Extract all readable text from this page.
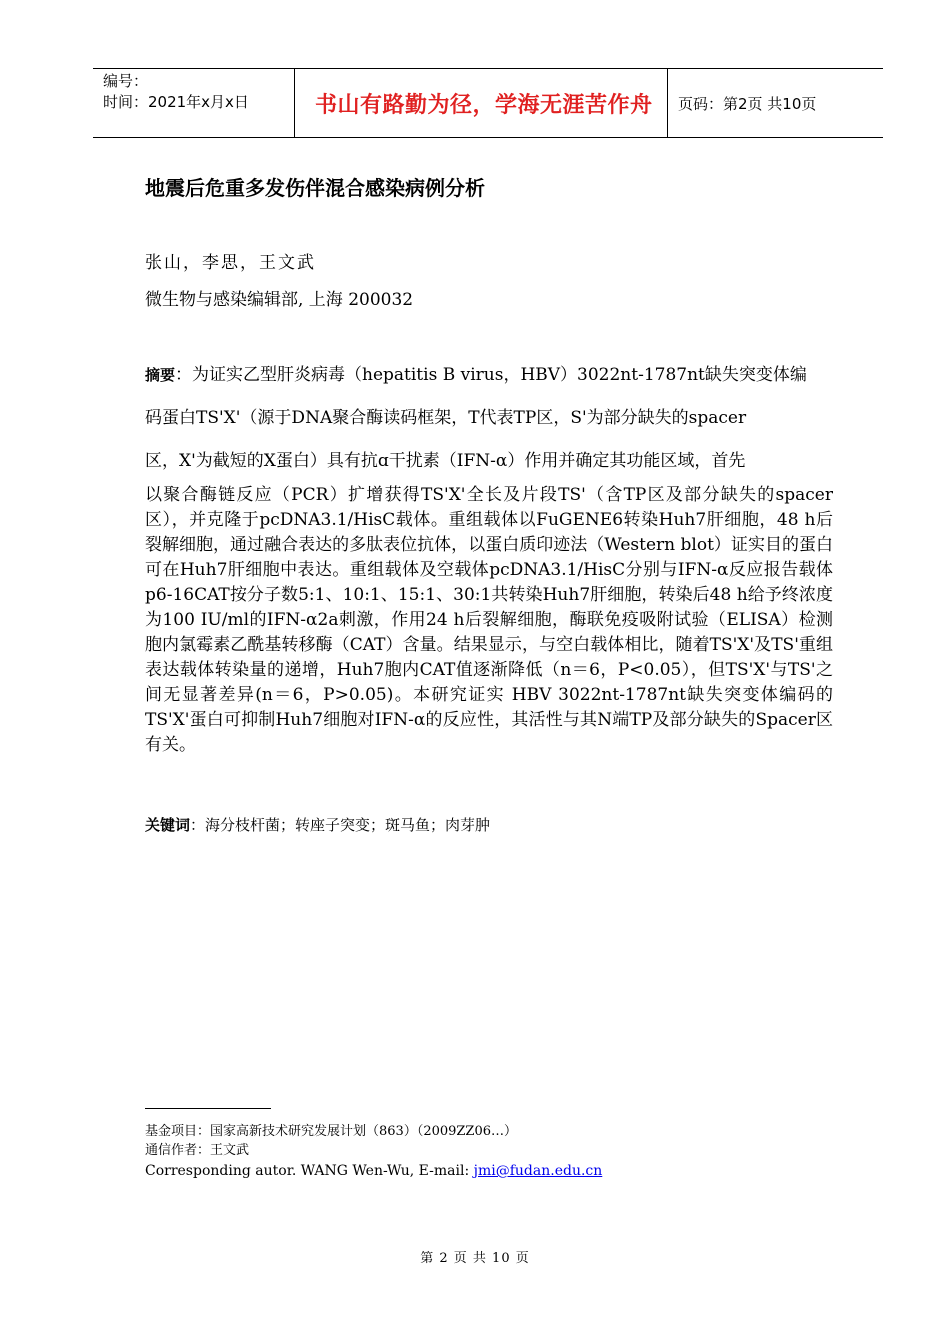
编号：
时间：2021年x月x日	书山有路勤为径，学海无涯苦作舟 页码：第2页 共10页
地震后危重多发伤伴混合感染病例分析
张山，李思，王文武
微生物与感染编辑部, 上海 200032

摘要：为证实乙型肝炎病毒（hepatitis B virus，HBV）3022nt-1787nt缺失突变体编

码蛋白TS'X'（源于DNA聚合酶读码框架，T代表TP区，S'为部分缺失的spacer

区，X'为截短的X蛋白）具有抗ɑ干扰素（IFN-α）作用并确定其功能区域，首先

以聚合酶链反应（PCR）扩增获得TS'X'全长及片段TS'（含TP区及部分缺失的spacer区），并克隆于pcDNA3.1/HisC载体。重组载体以FuGENE6转染Huh7肝细胞，48 h后裂解细胞，通过融合表达的多肽表位抗体，以蛋白质印迹法（Western blot）证实目的蛋白可在Huh7肝细胞中表达。重组载体及空载体pcDNA3.1/HisC分别与IFN-α反应报告载体p6-16CAT按分子数5:1、10:1、15:1、30:1共转染Huh7肝细胞，转染后48 h给予终浓度为100 IU/ml的IFN-α2a刺激，作用24 h后裂解细胞，酶联免疫吸附试验（ELISA）检测胞内氯霉素乙酰基转移酶（CAT）含量。结果显示，与空白载体相比，随着TS'X'及TS'重组表达载体转染量的递增，Huh7胞内CAT值逐渐降低（n＝6，P<0.05），但TS'X'与TS'之间无显著差异(n＝6，P>0.05)。本研究证实 HBV 3022nt-1787nt缺失突变体编码的TS'X'蛋白可抑制Huh7细胞对IFN-α的反应性，其活性与其N端TP及部分缺失的Spacer区有关。

关键词：海分枝杆菌；转座子突变；斑马鱼；肉芽肿
基金项目：国家高新技术研究发展计划（863）（2009ZZ06…）
通信作者：王文武
Corresponding autor. WANG Wen-Wu, E-mail: jmi@fudan.edu.cn
第 2 页 共 10 页
